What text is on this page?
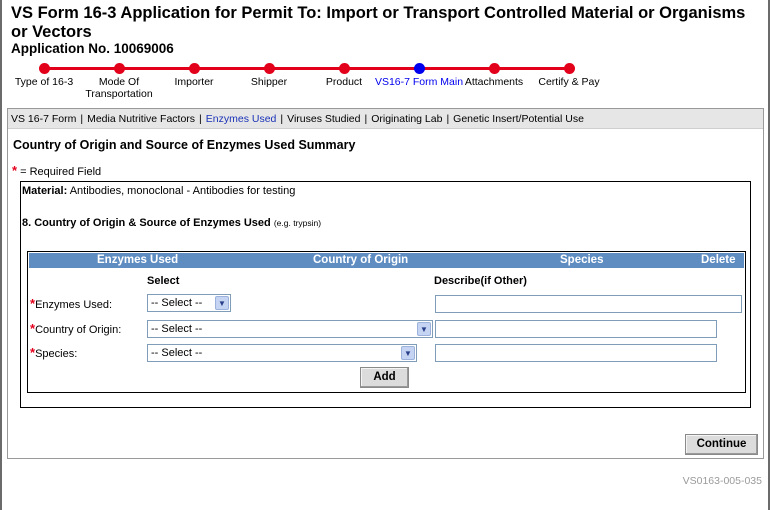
VS Form 16-3 Application for Permit To: Import or Transport Controlled Material or Organisms or Vectors
Application No. 10069006
Type of 16-3	Mode Of Transportation
Importer	Shipper	Product	VS16-7 Form Main Attachments	Certify & Pay
VS 16-7 Form | Media Nutritive Factors | Enzymes Used | Viruses Studied | Originating Lab | Genetic Insert/Potential Use
Country of Origin and Source of Enzymes Used Summary
* = Required Field
Material: Antibodies, monoclonal - Antibodies for testing
8. Country of Origin & Source of Enzymes Used (e.g. trypsin)
Enzymes Used	Country of Origin	Species	Delete
Select	Describe(if Other)
*Enzymes Used:	-- Select --	▼
*Country of Origin:	-- Select --	▼
*Species:	-- Select --	▼
Add
Continue
VS0163-005-035
